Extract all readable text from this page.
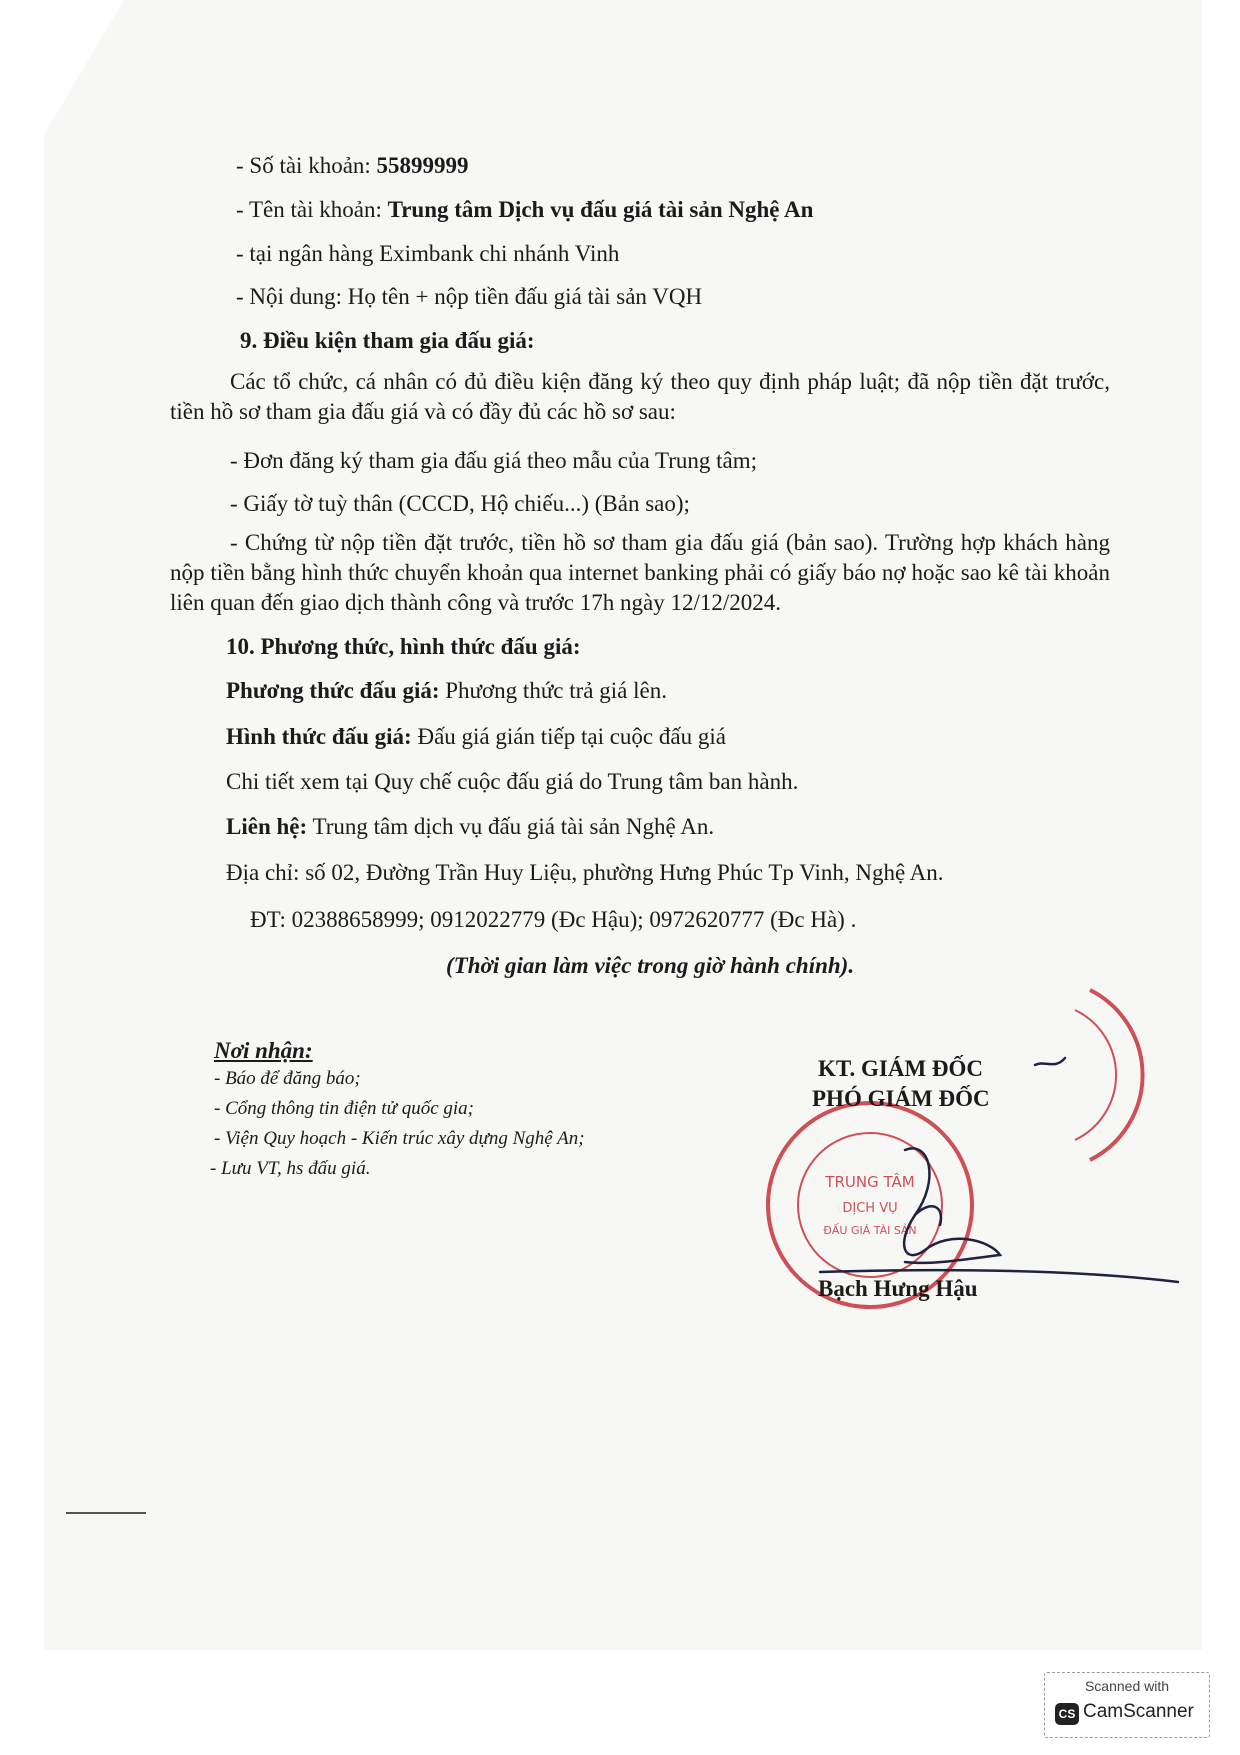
- Số tài khoản: 55899999
- Tên tài khoản: Trung tâm Dịch vụ đấu giá tài sản Nghệ An
- tại ngân hàng Eximbank chi nhánh Vinh
- Nội dung: Họ tên + nộp tiền đấu giá tài sản VQH
9. Điều kiện tham gia đấu giá:
Các tổ chức, cá nhân có đủ điều kiện đăng ký theo quy định pháp luật; đã nộp tiền đặt trước, tiền hồ sơ tham gia đấu giá và có đầy đủ các hồ sơ sau:
- Đơn đăng ký tham gia đấu giá theo mẫu của Trung tâm;
- Giấy tờ tuỳ thân (CCCD, Hộ chiếu...) (Bản sao);
- Chứng từ nộp tiền đặt trước, tiền hồ sơ tham gia đấu giá (bản sao). Trường hợp khách hàng nộp tiền bằng hình thức chuyển khoản qua internet banking phải có giấy báo nợ hoặc sao kê tài khoản liên quan đến giao dịch thành công và trước 17h ngày 12/12/2024.
10. Phương thức, hình thức đấu giá:
Phương thức đấu giá: Phương thức trả giá lên.
Hình thức đấu giá: Đấu giá gián tiếp tại cuộc đấu giá
Chi tiết xem tại Quy chế cuộc đấu giá do Trung tâm ban hành.
Liên hệ: Trung tâm dịch vụ đấu giá tài sản Nghệ An.
Địa chỉ: số 02, Đường Trần Huy Liệu, phường Hưng Phúc Tp Vinh, Nghệ An.
ĐT: 02388658999; 0912022779 (Đc Hậu); 0972620777 (Đc Hà) .
(Thời gian làm việc trong giờ hành chính).
Nơi nhận:
- Báo để đăng báo;
- Cổng thông tin điện tử quốc gia;
- Viện Quy hoạch - Kiến trúc xây dựng Nghệ An;
- Lưu VT, hs đấu giá.
TRUNG TÂM
DỊCH VỤ
ĐẤU GIÁ TÀI SẢN
KT. GIÁM ĐỐC
PHÓ GIÁM ĐỐC
Bạch Hưng Hậu
Scanned with
CS CamScanner
